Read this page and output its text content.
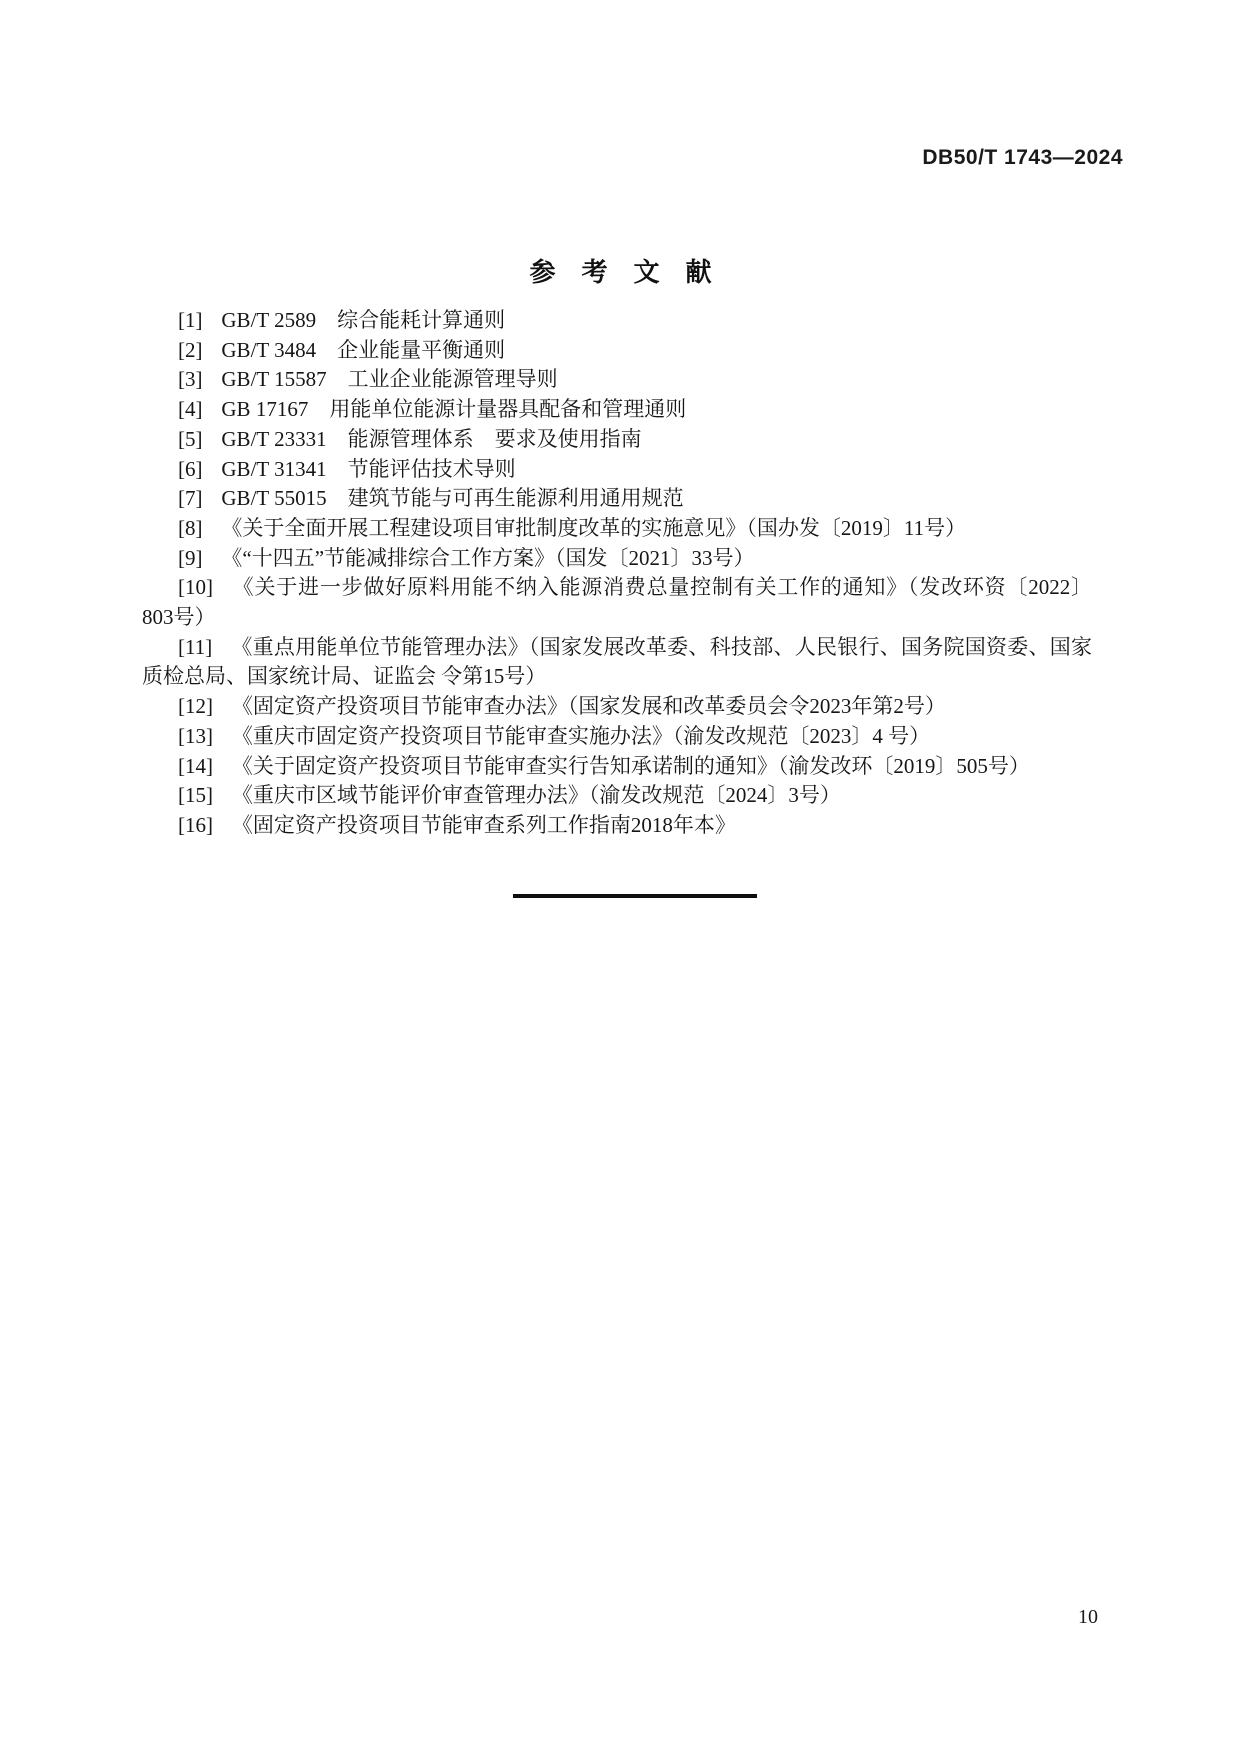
DB50/T 1743—2024
参　考　文　献

[1] GB/T 2589　综合能耗计算通则

[2] GB/T 3484　企业能量平衡通则

[3] GB/T 15587　工业企业能源管理导则

[4] GB 17167　用能单位能源计量器具配备和管理通则

[5] GB/T 23331　能源管理体系　要求及使用指南

[6] GB/T 31341　节能评估技术导则

[7] GB/T 55015　建筑节能与可再生能源利用通用规范

[8] 《关于全面开展工程建设项目审批制度改革的实施意见》（国办发〔2019〕11号）

[9] 《“十四五”节能减排综合工作方案》（国发〔2021〕33号）

[10] 《关于进一步做好原料用能不纳入能源消费总量控制有关工作的通知》（发改环资〔2022〕803号）

[11] 《重点用能单位节能管理办法》（国家发展改革委、科技部、人民银行、国务院国资委、国家质检总局、国家统计局、证监会 令第15号）

[12] 《固定资产投资项目节能审查办法》（国家发展和改革委员会令2023年第2号）

[13] 《重庆市固定资产投资项目节能审查实施办法》（渝发改规范〔2023〕4 号）

[14] 《关于固定资产投资项目节能审查实行告知承诺制的通知》（渝发改环〔2019〕505号）

[15] 《重庆市区域节能评价审查管理办法》（渝发改规范〔2024〕3号）

[16] 《固定资产投资项目节能审查系列工作指南2018年本》

10
